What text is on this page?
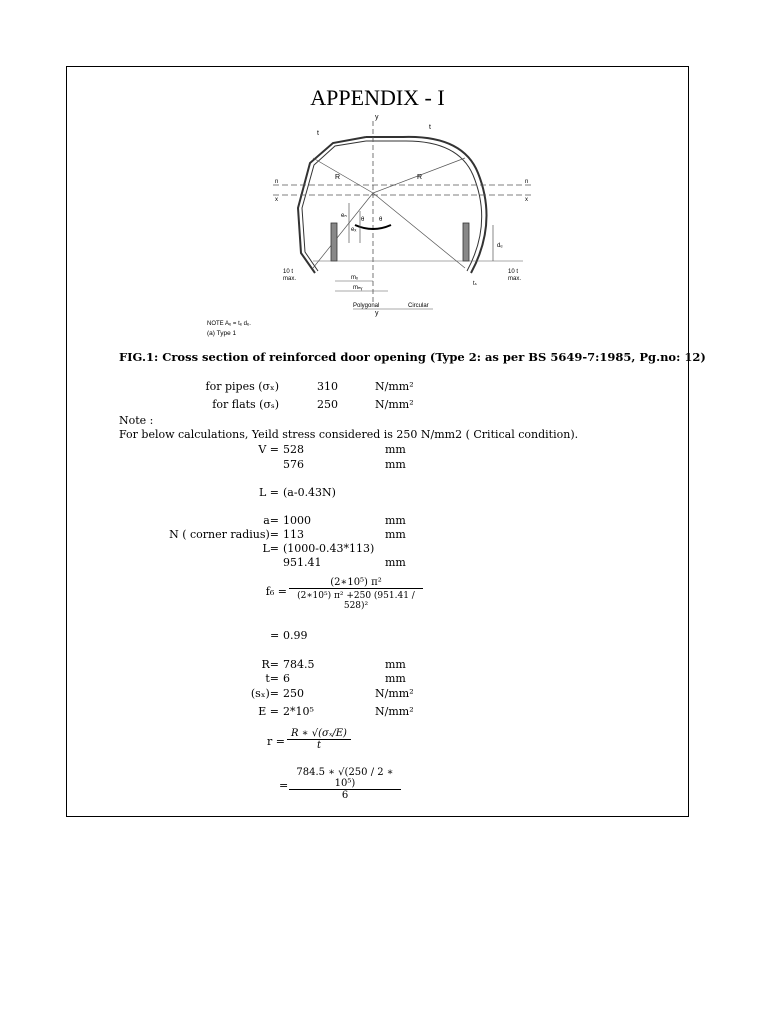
APPENDIX - I
t
t
y
y
R	R
n	n
x	x
θ θ
eₙ
eₓ
dₑ
10 t max.
10 t max.
mₓ
mₙᵧ
tₛ
Polygonal	Circular
NOTE Aₑ = tₑ dₑ.
(a) Type 1
FIG.1: Cross section of reinforced door opening (Type 2: as per BS 5649-7:1985, Pg.no: 12)
for pipes (σₓ)	310	N/mm²
for flats (σₛ)	250	N/mm²
Note :
For below calculations, Yeild stress considered is 250 N/mm2 ( Critical condition).
V = 528	mm
576	mm
L = (a-0.43N)
a= 1000	mm
N ( corner radius)= 113	mm
L= (1000-0.43*113)
951.41	mm
$f_6 = \frac{\text{(2∗10⁵) π²}}{\text{(2∗10⁵) π² +250 (951.41 / 528)²}}$
= 0.99
R= 784.5	mm
t= 6	mm
(sₓ)= 250	N/mm²
E = 2*10⁵	N/mm²
$r = \frac{\text{R ∗ √(σₓ/E)}}{t}$
= $\frac{\text{784.5 ∗ √(250 / 2 ∗ 10⁵)}}{6}$
